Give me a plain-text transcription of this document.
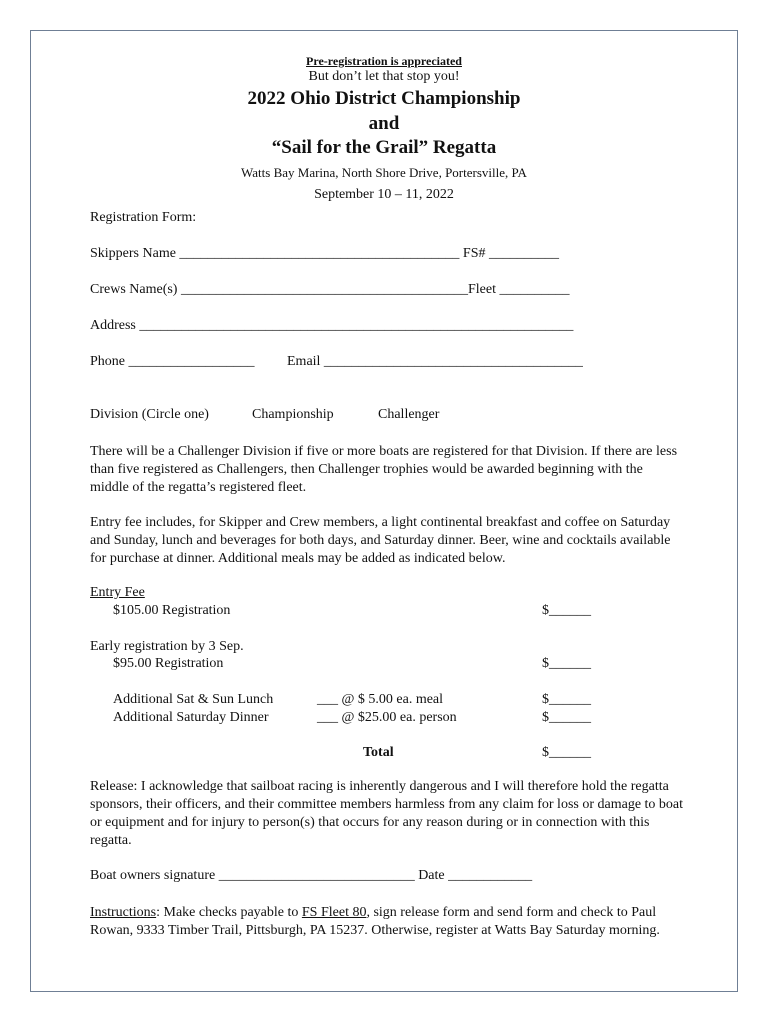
Pre-registration is appreciated
But don’t let that stop you!
2022 Ohio District Championship
and
“Sail for the Grail” Regatta
Watts Bay Marina, North Shore Drive, Portersville, PA
September 10 – 11, 2022
Registration Form:
Skippers Name ________________________________________ FS# __________
Crews Name(s) _________________________________________Fleet __________
Address ______________________________________________________________
Phone __________________ Email _____________________________________
Division (Circle one)	Championship	Challenger
There will be a Challenger Division if five or more boats are registered for that Division. If there are less than five registered as Challengers, then Challenger trophies would be awarded beginning with the middle of the regatta’s registered fleet.
Entry fee includes, for Skipper and Crew members, a light continental breakfast and coffee on Saturday and Sunday, lunch and beverages for both days, and Saturday dinner. Beer, wine and cocktails available for purchase at dinner. Additional meals may be added as indicated below.
Entry Fee
$105.00 Registration	$______
Early registration by 3 Sep.
$95.00 Registration	$______
Additional Sat & Sun Lunch	___ @ $ 5.00 ea. meal	$______
Additional Saturday Dinner	___ @ $25.00 ea. person	$______
Total	$______
Release: I acknowledge that sailboat racing is inherently dangerous and I will therefore hold the regatta sponsors, their officers, and their committee members harmless from any claim for loss or damage to boat or equipment and for injury to person(s) that occurs for any reason during or in connection with this regatta.
Boat owners signature ____________________________ Date ____________
Instructions: Make checks payable to FS Fleet 80, sign release form and send form and check to Paul Rowan, 9333 Timber Trail, Pittsburgh, PA 15237. Otherwise, register at Watts Bay Saturday morning.
